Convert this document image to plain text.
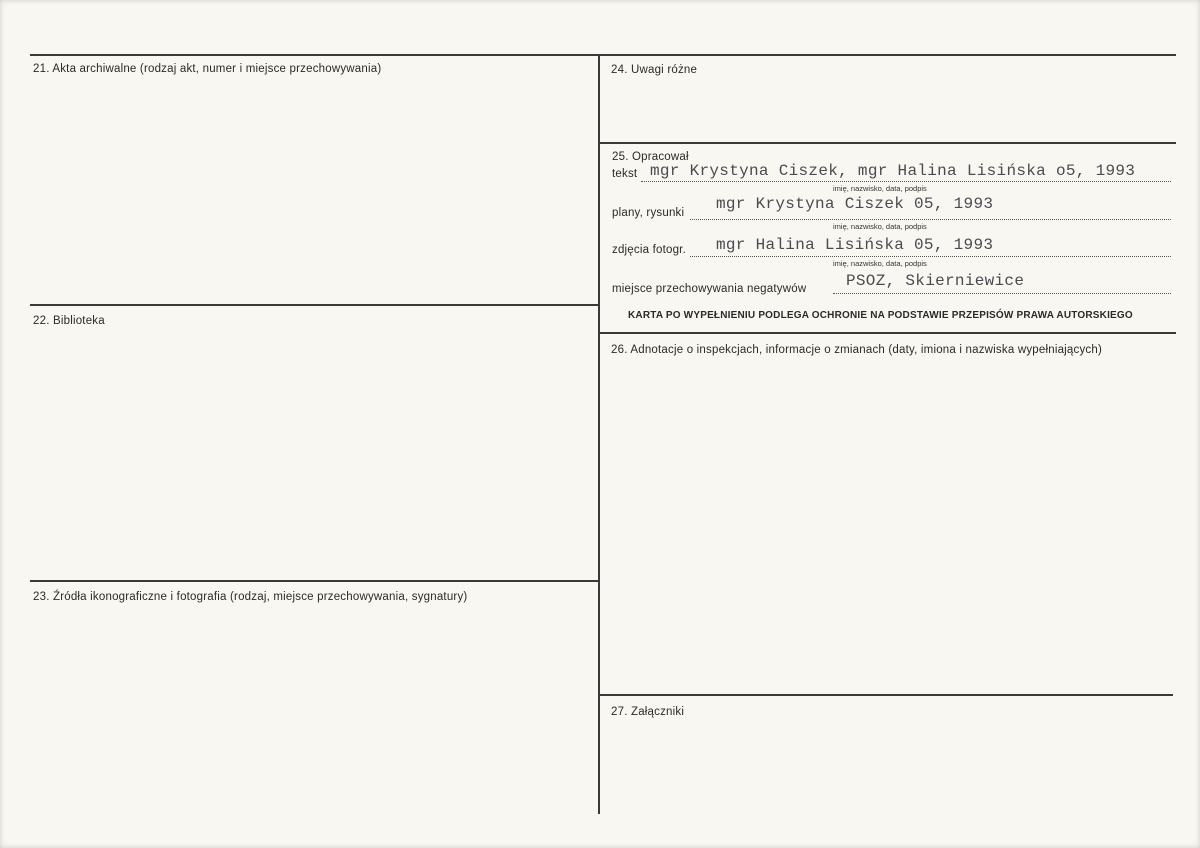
21. Akta archiwalne (rodzaj akt, numer i miejsce przechowywania)
22. Biblioteka
23. Źródła ikonograficzne i fotografia (rodzaj, miejsce przechowywania, sygnatury)
24. Uwagi różne
25. Opracował
26. Adnotacje o inspekcjach, informacje o zmianach (daty, imiona i nazwiska wypełniających)
27. Załączniki
tekst mgr Krystyna Ciszek, mgr Halina Lisińska o5, 1993
imię, nazwisko, data, podpis
plany, rysunki mgr Krystyna Ciszek 05, 1993
imię, nazwisko, data, podpis
zdjęcia fotogr. mgr Halina Lisińska 05, 1993
imię, nazwisko, data, podpis
miejsce przechowywania negatywów PSOZ, Skierniewice
KARTA PO WYPEŁNIENIU PODLEGA OCHRONIE NA PODSTAWIE PRZEPISÓW PRAWA AUTORSKIEGO
